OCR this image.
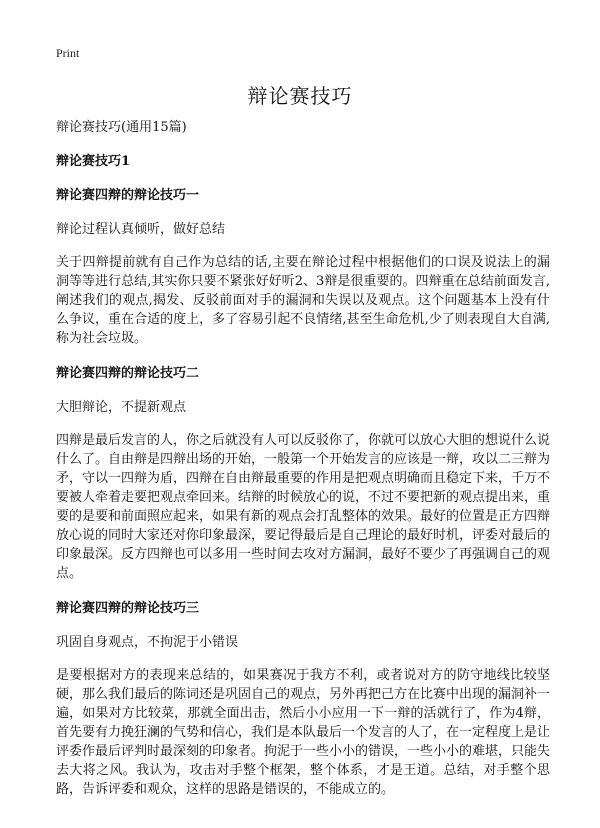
Print
辩论赛技巧

辩论赛技巧(通用15篇)

辩论赛技巧1

辩论赛四辩的辩论技巧一

辩论过程认真倾听，做好总结

关于四辩提前就有自己作为总结的话,主要在辩论过程中根据他们的口误及说法上的漏洞等等进行总结,其实你只要不紧张好好听2、3辩是很重要的。四辩重在总结前面发言,阐述我们的观点,揭发、反驳前面对手的漏洞和失误以及观点。这个问题基本上没有什么争议，重在合适的度上，多了容易引起不良情绪,甚至生命危机,少了则表现自大自满,称为社会垃圾。

辩论赛四辩的辩论技巧二

大胆辩论，不提新观点

四辩是最后发言的人，你之后就没有人可以反驳你了，你就可以放心大胆的想说什么说什么了。自由辩是四辩出场的开始，一般第一个开始发言的应该是一辩，攻以二三辩为矛，守以一四辩为盾，四辩在自由辩最重要的作用是把观点明确而且稳定下来，千万不要被人牵着走要把观点牵回来。结辩的时候放心的说，不过不要把新的观点提出来，重要的是要和前面照应起来，如果有新的观点会打乱整体的效果。最好的位置是正方四辩放心说的同时大家还对你印象最深，要记得最后是自己理论的最好时机，评委对最后的印象最深。反方四辩也可以多用一些时间去攻对方漏洞，最好不要少了再强调自己的观点。

辩论赛四辩的辩论技巧三

巩固自身观点，不拘泥于小错误

是要根据对方的表现来总结的，如果赛况于我方不利，或者说对方的防守地线比较坚硬，那么我们最后的陈词还是巩固自己的观点，另外再把己方在比赛中出现的漏洞补一遍，如果对方比较菜，那就全面出击，然后小小应用一下一辩的活就行了，作为4辩，首先要有力挽狂澜的气势和信心，我们是本队最后一个发言的人了，在一定程度上是让评委作最后评判时最深刻的印象者。拘泥于一些小小的错误，一些小小的难堪，只能失去大将之风。我认为，攻击对手整个框架，整个体系，才是王道。总结，对手整个思路，告诉评委和观众，这样的思路是错误的，不能成立的。
